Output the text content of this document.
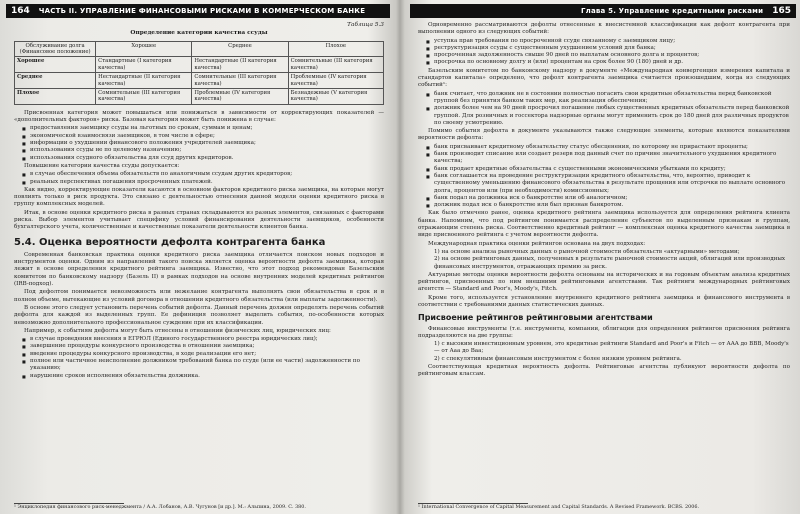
164	ЧАСТЬ II. УПРАВЛЕНИЕ ФИНАНСОВЫМИ РИСКАМИ В КОММЕРЧЕСКОМ БАНКЕ
Таблица 5.3
Определение категории качества ссуды
Обслуживание долга (Финансовое положение)	Хорошее	Среднее	Плохое
Хорошее	Стандартные (I категория качества)	Нестандартные (II категория качества)	Сомнительные (III категория качества)
Среднее	Нестандартные (II категория качества)	Сомнительные (III категория качества)	Проблемные (IV категория качества)
Плохое	Сомнительные (III категория качества)	Проблемные (IV категория качества)	Безнадежные (V категория качества)

Присвоенная категория может повышаться или понижаться в зависимости от корректирующих показателей — «дополнительных факторов» риска. Базовая категория может быть понижена в случае:

■ предоставления заемщику ссуды на льготных по срокам, суммам и ценам;
■ экономической взаимосвязи заемщиков, в том числе в сфере;
■ информации о ухудшении финансового положения учредителей заемщика;
■ использования ссуды не по целевому назначению;
■ использования ссудного обязательства для ссуд других кредиторов.

Повышение категории качества ссуды допускается:

■ в случае обеспечения объема обязательств по аналогичным ссудам других кредиторов;
■ реальных перспективах погашения просроченных платежей.

Как видно, корректирующие показатели касаются в основном факторов кредитного риска заемщика, на которые могут повлиять только в риск продукта. Это связано с деятельностью отнесения данной модели оценки кредитного риска в группу комплексных моделей.

Итак, в основе оценки кредитного риска в разных странах складываются из разных элементов, связанных с факторами риска. Выбор элементов учитывает специфику условий финансирования деятельности заемщиков, особенности бухгалтерского учета, количественные и качественные показатели деятельности клиентов банка.

5.4. Оценка вероятности дефолта контрагента банка

Современная банковская практика оценки кредитного риска заемщика отличается поиском новых подходов и инструментов оценки. Одним из направлений такого поиска является оценка вероятности дефолта заемщика, которая лежит в основе определения кредитного рейтинга заемщика. Известно, что этот подход рекомендован Базельским комитетом по банковскому надзору (Базель II) в рамках подходов на основе внутренних моделей кредитных рейтингов (IRB-подход).

Под дефолтом понимается невозможность или нежелание контрагента выполнять свои обязательства в срок и в полном объеме, вытекающие из условий договора в отношении кредитного обязательства (или выплаты задолженности).

В основе этого следует установить перечень событий дефолта. Данный перечень должен определять перечень событий дефолта для каждой из выделенных групп. Ее дефиниция позволяет выделить события, по-особенности которых невозможно дополнительного профессиональное суждение при их классификации.

Например, к событиям дефолта могут быть отнесены в отношении физических лиц, юридических лиц:

■ в случае проведения внесения в ЕГРЮЛ (Единого государственного реестра юридических лиц);
■ завершение процедуры конкурсного производства в отношении заемщика;
■ введение процедуры конкурсного производства, в ходе реализации его нет;
■ полное или частичное неисполнение должником требований банка по ссуде (или ее части) задолженности по указанию;
■ нарушение сроков исполнения обязательства должника.
¹ Энциклопедия финансового риск-менеджмента / А.А. Лобанов, А.В. Чугунов [и др.]. М.: Альпина, 2009. С. 380.
Глава 5. Управление кредитными рисками	165

Одновременно рассматриваются дефолты отнесенные к внесистемной классификации как дефолт контрагента при выполнении одного из следующих событий:

■ уступка прав требования по просроченной ссуде связанному с заемщиком лицу;
■ реструктуризация ссуды с существенным ухудшением условий для банка;
■ просроченная задолженность свыше 90 дней по выплатам основного долга и процентов;
■ просрочка по основному долгу и (или) процентам на срок более 90 (180) дней и др.

Базельским комитетом по банковскому надзору в документе «Международная конвергенция измерения капитала и стандартов капитала» определено, что дефолт контрагента заемщика считается произошедшим, когда из следующих событий¹:

■ банк считает, что должник не в состоянии полностью погасить свои кредитные обязательства перед банковской группой без принятия банком таких мер, как реализация обеспечения;
■ должник более чем на 90 дней просрочил погашение любых существенных кредитных обязательств перед банковской группой. Для розничных и госсектора надзорные органы могут применить срок до 180 дней для различных продуктов по своему усмотрению.

Помимо события дефолта в документе указываются также следующие элементы, которые являются показателями вероятности дефолта:

■ банк присваивает кредитному обязательству статус обесценения, по которому не прирастают проценты;
■ банк производит списание или создает резерв под данный счет по причине значительного ухудшения кредитного качества;
■ банк продает кредитные обязательства с существенными экономическими убытками по кредиту;
■ банк соглашается на проведение реструктуризации кредитного обязательства, что, вероятно, приводит к существенному уменьшению финансового обязательства в результате прощения или отсрочки по выплате основного долга, процентов или (при необходимости) комиссионных;
■ банк подал на должника иск о банкротстве или об аналогичном;
■ должник подал иск о банкротстве или был признан банкротом.

Как было отмечено ранее, оценка кредитного рейтинга заемщика используется для определения рейтинга клиента банка. Напомним, что под рейтингом понимается распределение субъектов по выделенным признакам и группам, отражающим степень риска. Соответственно кредитный рейтинг — комплексная оценка кредитного качества заемщика в виде присвоенного рейтинга с учетом вероятности дефолта.

Международная практика оценки рейтингов основана на двух подходах:

1) на основе анализа рыночных данных о рыночной стоимости обязательств «актуарными» методами;
2) на основе рейтинговых данных, полученных в результате рыночной стоимости акций, облигаций или производных финансовых инструментов, отражающих премию за риск.

Актуарные методы оценки вероятности дефолта основаны на исторических и на годовым объектам анализа кредитных рейтингов, присвоенных по ним внешними рейтинговыми агентствами. Так рейтинги международных рейтинговых агентств — Standard and Poor's, Moody's, Fitch.

Кроме того, используется установление внутреннего кредитного рейтинга заемщика и финансового инструмента в соответствии с требованиями данных статистических данных.

Присвоение рейтингов рейтинговыми агентствами

Финансовые инструменты (т.е. инструменты, компании, облигации для определения рейтингов присвоения рейтинга подразделяются на две группы:

1) с высоким инвестиционным уровнем, это кредитные рейтинги Standard and Poor's и Fitch — от AAA до BBB, Moody's — от Aaa до Baa;
2) с спекулятивным финансовым инструментом с более низким уровнем рейтинга.

Соответствующая кредитная вероятность дефолта. Рейтинговые агентства публикуют вероятности дефолта по рейтинговым классам.

¹ International Convergence of Capital Measurement and Capital Standards. A Revised Framework. BCBS. 2006.
